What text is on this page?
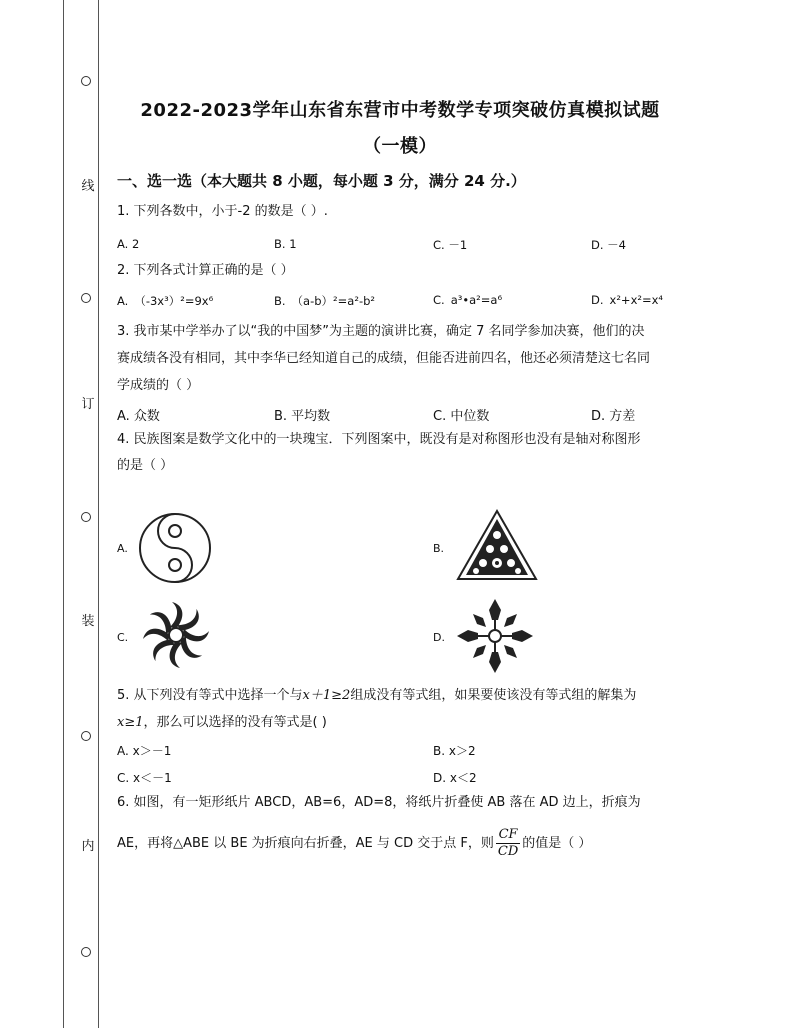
线
订
装
内
2022-2023学年山东省东营市中考数学专项突破仿真模拟试题
（一模）
一、选一选（本大题共 8 小题，每小题 3 分，满分 24 分.）
1. 下列各数中，小于-2 的数是（ ）.
A. 2	B. 1	C. －1	D. －4
2. 下列各式计算正确的是（ ）
A. （-3x³）²=9x⁶	B. （a-b）²=a²-b²	C. a³•a²=a⁶	D. x²+x²=x⁴
3. 我市某中学举办了以“我的中国梦”为主题的演讲比赛，确定 7 名同学参加决赛，他们的决
赛成绩各没有相同，其中李华已经知道自己的成绩，但能否进前四名，他还必须清楚这七名同
学成绩的（ ）
A. 众数	B. 平均数	C. 中位数	D. 方差
4. 民族图案是数学文化中的一块瑰宝．下列图案中，既没有是对称图形也没有是轴对称图形
的是（ ）
A.	B.
C.	D.
5. 从下列没有等式中选择一个与x＋1≥2组成没有等式组，如果要使该没有等式组的解集为
x≥1，那么可以选择的没有等式是( )
A. x＞－1	B. x＞2
C. x＜－1	D. x＜2
6. 如图，有一矩形纸片 ABCD，AB=6，AD=8，将纸片折叠使 AB 落在 AD 边上，折痕为
AE，再将△ABE 以 BE 为折痕向右折叠，AE 与 CD 交于点 F，则 $\frac{CF}{CD}$ 的值是（ ）
